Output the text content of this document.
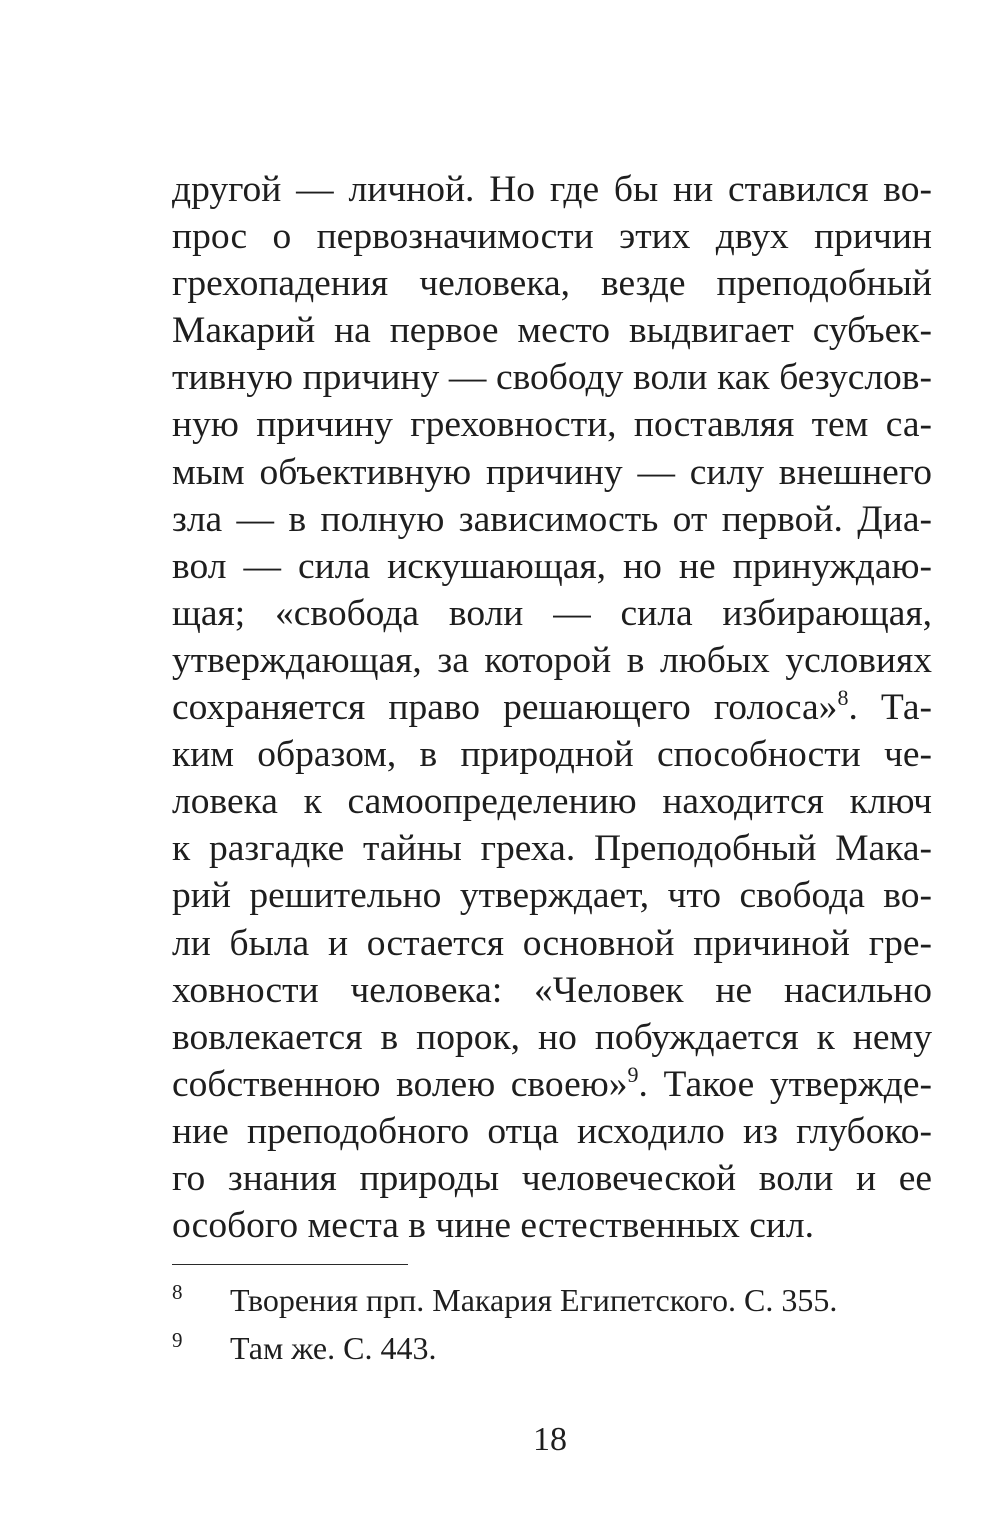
другой — личной. Но где бы ни ставился во-
прос о первозначимости этих двух причин
грехопадения человека, везде преподобный
Макарий на первое место выдвигает субъек-
тивную причину — свободу воли как безуслов-
ную причину греховности, поставляя тем са-
мым объективную причину — силу внешнего
зла — в полную зависимость от первой. Диа-
вол — сила искушающая, но не принуждаю-
щая; «свобода воли — сила избирающая,
утверждающая, за которой в любых условиях
сохраняется право решающего голоса»$^8$. Та-
ким образом, в природной способности че-
ловека к самоопределению находится ключ
к разгадке тайны греха. Преподобный Мака-
рий решительно утверждает, что свобода во-
ли была и остается основной причиной гре-
ховности человека: «Человек не насильно
вовлекается в порок, но побуждается к нему
собственною волею своею»$^9$. Такое утвержде-
ние преподобного отца исходило из глубоко-
го знания природы человеческой воли и ее
особого места в чине естественных сил.
8 Творения прп. Макария Египетского. С. 355.
9 Там же. С. 443.
18
